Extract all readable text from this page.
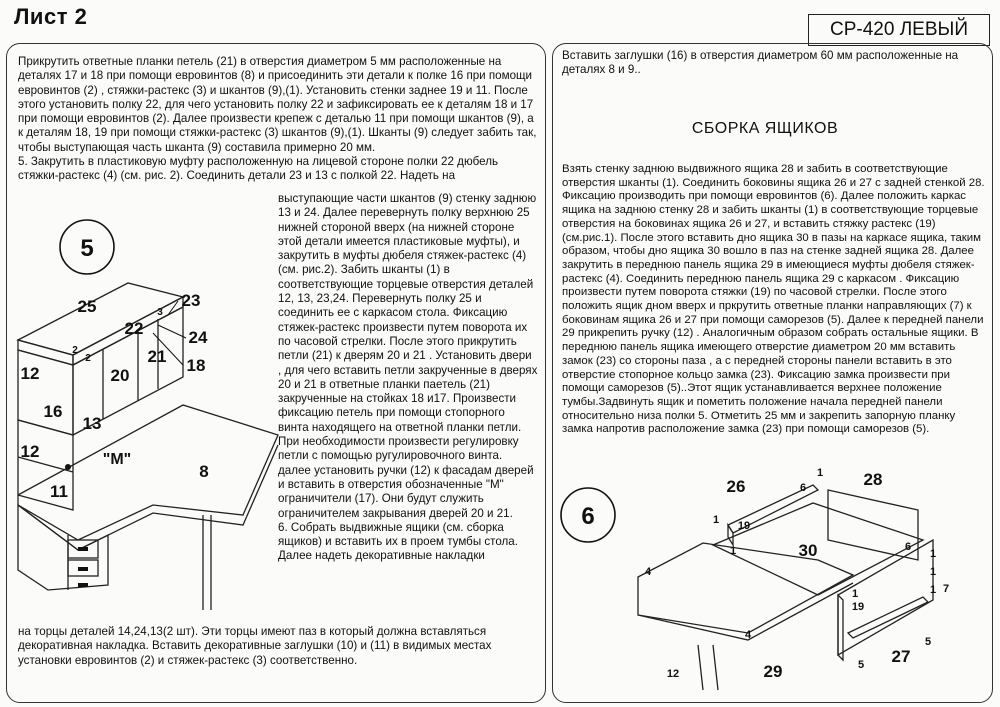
Лист 2
СР-420 ЛЕВЫЙ

Прикрутить ответные планки петель (21) в отверстия диаметром 5 мм расположенные на деталях 17 и 18 при помощи евровинтов (8) и присоединить эти детали к полке 16 при помощи евровинтов (2) , стяжки-растекс (3) и шкантов (9),(1). Установить стенки заднее 19 и 11. После этого установить полку 22, для чего установить полку 22 и зафиксировать ее к деталям 18 и 17 при помощи евровинтов (2). Далее произвести крепеж с деталью 11 при помощи шкантов (9), а к деталям 18, 19 при помощи стяжки-растекс (3) шкантов (9),(1). Шканты (9) следует забить так, чтобы выступающая часть шканта (9) составила примерно 20 мм.
5. Закрутить в пластиковую муфту расположенную на лицевой стороне полки 22 дюбель стяжки-растекс (4) (см. рис. 2). Соединить детали 23 и 13 с полкой 22. Надеть на

выступающие части шкантов (9) стенку заднюю 13 и 24. Далее перевернуть полку верхнюю 25 нижней стороной вверх (на нижней стороне этой детали имеется пластиковые муфты), и закрутить в муфты дюбеля стяжек-растекс (4) (см. рис.2). Забить шканты (1) в соответствующие торцевые отверстия деталей 12, 13, 23,24. Перевернуть полку 25 и соединить ее с каркасом стола. Фиксацию стяжек-растекс произвести путем поворота их по часовой стрелки. После этого прикрутить петли (21) к дверям 20 и 21 . Установить двери , для чего вставить петли закрученные в дверях 20 и 21 в ответные планки паетель (21) закрученные на стойках 18 и17. Произвести фиксацию петель при помощи стопорного винта находящего на ответной планки петли. При необходимости произвести регулировку петли с помощью ругулировочного винта. далее установить ручки (12) к фасадам дверей и вставить в отверстия обозначенные "М" ограничители (17). Они будут служить ограничителем закрывания дверей 20 и 21.
6. Собрать выдвижные ящики (см. сборка ящиков) и вставить их в проем тумбы стола. Далее надеть декоративные накладки

на торцы деталей 14,24,13(2 шт). Эти торцы имеют паз в который должна вставляться декоративная накладка. Вставить декоративные заглушки (10) и (11) в видимых местах установки евровинтов (2) и стяжек-растекс (3) соответственно.

Вставить заглушки (16) в отверстия диаметром 60 мм расположенные на деталях 8 и 9..

СБОРКА ЯЩИКОВ

Взять стенку заднюю выдвижного ящика 28 и забить в соответствующие отверстия шканты (1). Соединить боковины ящика 26 и 27 с задней стенкой 28. Фиксацию производить при помощи евровинтов (6). Далее положить каркас ящика на заднюю стенку 28 и забить шканты (1) в соответствующие торцевые отверстия на боковинах ящика 26 и 27, и вставить стяжку растекс (19) (см.рис.1). После этого вставить дно ящика 30 в пазы на каркасе ящика, таким образом, чтобы дно ящика 30 вошло в паз на стенке задней ящика 28. Далее закрутить в переднюю панель ящика 29 в имеющиеся муфты дюбеля стяжек-растекс (4). Соединить переднюю панель ящика 29 с каркасом . Фиксацию произвести путем поворота стяжки (19) по часовой стрелки. После этого положить ящик дном вверх и пркрутить ответные планки направляющих (7) к боковинам ящика 26 и 27 при помощи саморезов (5). Далее к передней панели 29 прикрепить ручку (12) . Аналогичным образом собрать остальные ящики. В переднюю панель ящика имеющего отверстие диаметром 20 мм вставить замок (23) со стороны паза , а с передней стороны панели вставить в это отверстие стопорное кольцо замка (23). Фиксацию замка произвести при помощи саморезов (5)..Этот ящик устанавливается верхнее положение тумбы.Задвинуть ящик и пометить положение начала передней панели относительно низа полки 5. Отметить 25 мм и закрепить запорную планку замка напротив расположение замка (23) при помощи саморезов (5).

5
25	23
22
3
24
2
2	21
12	20
18
16
13
12	"M"
8
11
6
26	28
1
6
1 19
1	30	6
1
1
4
1 7
19
1
5
4
27
5
12	29
